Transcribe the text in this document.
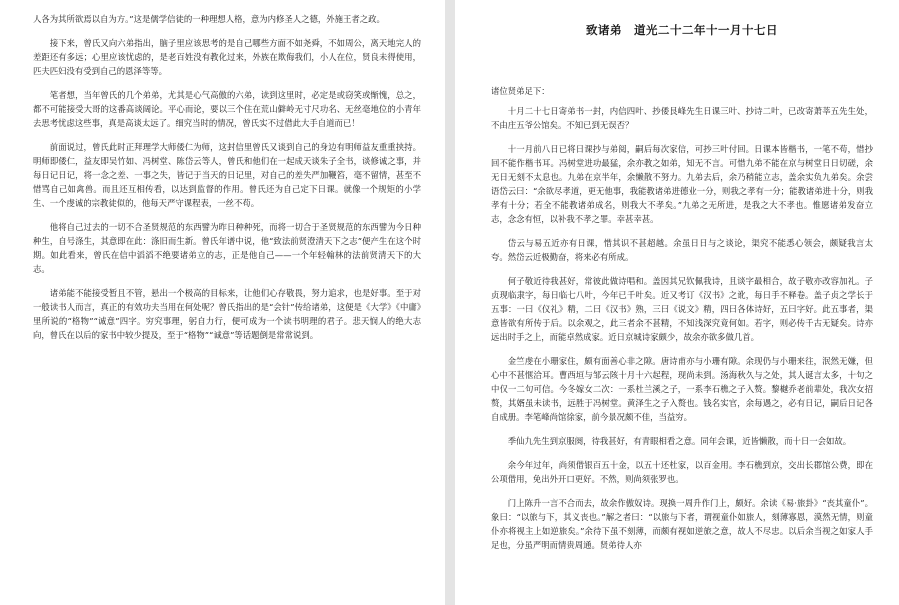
人各为其所欲焉以自为方。”这是儒学信徒的一种理想人格，意为内修圣人之德，外施王者之政。

接下来，曾氏又向六弟指出，脑子里应该思考的是自己哪些方面不如尧舜，不如周公，离天地完人的差距还有多远；心里应该忧虑的，是老百姓没有教化过来，外族在欺侮我们，小人在位，贤良未得使用，匹夫匹妇没有受到自己的恩泽等等。

笔者想，当年曾氏的几个弟弟，尤其是心气高傲的六弟，读到这里时，必定是或窃笑或惭愧，总之，都不可能接受大哥的这番高谈阔论。平心而论，要以三个住在荒山僻岭无寸尺功名、无丝毫地位的小青年去思考忧虑这些事，真是高谈太远了。细究当时的情况，曾氏实不过借此大手自道而已！

前面说过，曾氏此时正拜理学大师倭仁为师，这封信里曾氏又谈到自己的身边有明师益友重重挟持。明师即倭仁，益友即吴竹如、冯树堂、陈岱云等人，曾氏和他们在一起成天谈朱子全书，谈修诚之事，并每日记日记，将一念之差、一事之失，皆记于当天的日记里，对自己的差失严加鞭笞，毫不留情，甚至不惜骂自己如禽兽。而且还互相传看，以达到监督的作用。曾氏还为自己定下日课。就像一个规矩的小学生、一个虔诚的宗教徒似的，他每天严守课程表，一丝不苟。

他将自己过去的一切不合圣贤规范的东西譬为昨日种种死，而将一切合于圣贤规范的东西譬为今日种种生，自号涤生，其意即在此：涤旧而生新。曾氏年谱中说，他“致法前贤澄清天下之志”便产生在这个时期。如此看来，曾氏在信中滔滔不绝要诸弟立的志，正是他自己——一个年轻翰林的法前贤清天下的大志。

诸弟能不能接受暂且不管，悬出一个极高的目标来，让他们心存敬畏，努力追求，也是好事。至于对一般读书人而言，真正的有效功夫当用在何处呢？曾氏指出的是“会针”传给诸弟，这便是《大学》《中庸》里所说的“格物”“诚意”四字。穷究事理，躬自力行，便可成为一个读书明理的君子。悲天悯人的绝大志向，曾氏在以后的家书中较少提及，至于“格物”“诚意”等话题倒是常常说到。

致诸弟　道光二十二年十一月十七日

诸位贤弟足下：

十月二十七日寄弟书一封，内信四叶、抄倭艮峰先生日课三叶、抄诗二叶，已改寄萧莘五先生处，不由庄五爷公馆矣。不知已到无误否？

十一月前八日已将日课抄与弟阅，嗣后每次家信，可抄三叶付回。日课本皆楷书，一笔不苟，惜抄回不能作楷书耳。冯树堂进功最猛，余亦教之如弟，知无不言。可惜九弟不能在京与树堂日日切磋，余无日无刻不太息也。九弟在京半年，余懒散不努力。九弟去后，余乃稍能立志，盖余实负九弟矣。余尝语岱云曰：“余欲尽孝道，更无他事，我能教诸弟进德业一分，则我之孝有一分；能教诸弟进十分，则我孝有十分；若全不能教诸弟成名，则我大不孝矣。”九弟之无所进，是我之大不孝也。惟愿诸弟发奋立志，念念有恒，以补我不孝之罪。幸甚幸甚。

岱云与易五近亦有日课，惜其识不甚超越。余虽日日与之谈论，渠究不能悉心领会，颇疑我言太夸。然岱云近极勤奋，将来必有所成。

何子敬近待我甚好，常彼此做诗唱和。盖因其兄钦佩我诗，且谈字最相合，故子敬亦改容加礼。子贞现临隶字，每日临七八叶，今年已千叶矣。近又考订《汉书》之讹，每日手不释卷。盖子贞之学长于五事：一曰《仪礼》精，二曰《汉书》熟，三曰《说文》精，四曰各体诗好，五曰字好。此五事者，渠意皆欲有所传于后。以余观之，此三者余不甚精，不知浅深究竟何如。若字，则必传千古无疑矣。诗亦远出时手之上，而能卓然成家。近日京城诗家颇少，故余亦欲多做几首。

金竺虔在小珊家住，颇有面善心非之隙。唐诗甫亦与小珊有隙。余现仍与小珊来往，泯然无嫌，但心中不甚惬洽耳。曹西垣与邹云陔十月十六起程，现尚未到。汤海秋久与之处，其人诞言太多，十句之中仅一二句可信。今冬嫁女二次：一系杜兰溪之子，一系李石樵之子入赘。黎樾乔老前辈处，我次女招赘，其婿虽未读书，远胜于冯树堂。黄泽生之子入赘也。钱名实官，余每遇之，必有日记，嗣后日记各自成册。李笔峰尚馆徐家，前今景况颇不佳，当益穷。

季仙九先生到京服阕，待我甚好，有青眼相看之意。同年会课，近皆懒散，而十日一会如故。

余今年过年，尚须借银百五十金，以五十还杜家，以百金用。李石樵到京，交出长郡馆公费，即在公项借用，免出外开口更好。不然，则尚须张罗也。

门上陈升一言不合而去，故余作傲奴诗。现换一周升作门上，颇好。余读《易·旅卦》“丧其童仆”。象曰：“以旅与下，其义丧也。”解之者曰：“以旅与下者，谓视童仆如旅人，刻薄寡恩，漠然无情，则童仆亦将视主上如逆旅矣。”余待下虽不刻薄，而颇有视如逆旅之意，故人不尽忠。以后余当视之如家人手足也，分虽严明而情贵周通。贤弟待人亦
